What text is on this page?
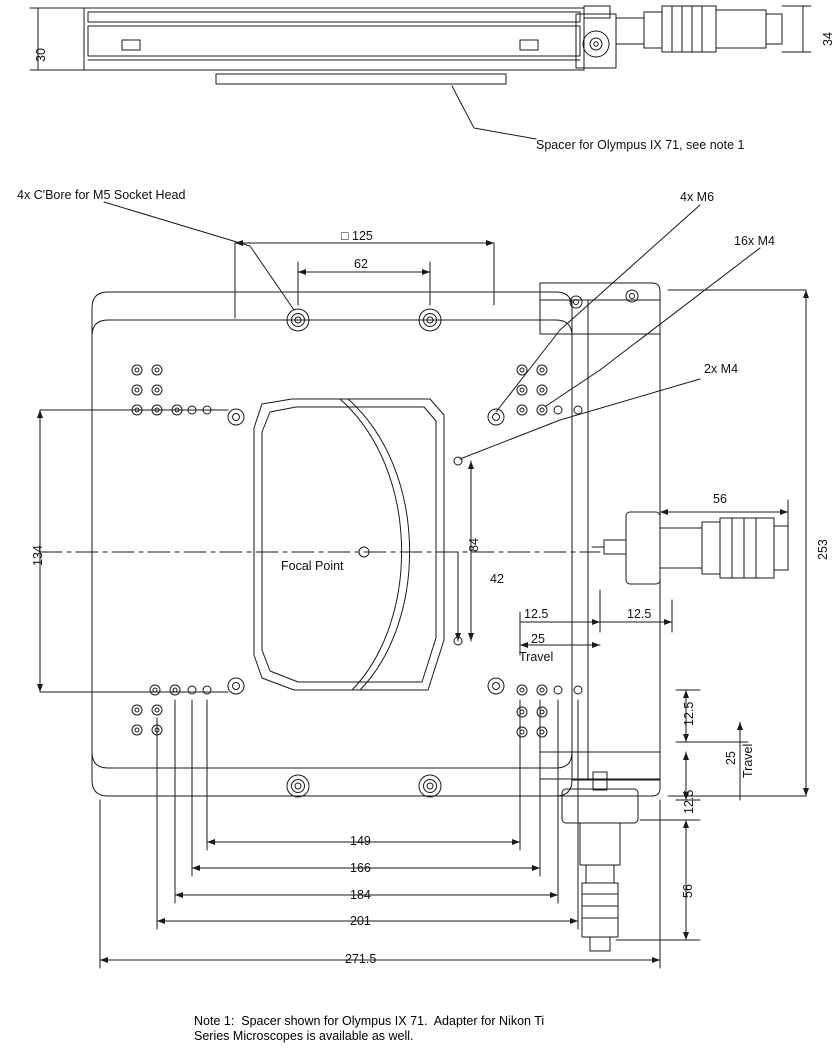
30
34
Spacer for Olympus IX 71, see note 1
4x C'Bore for M5 Socket Head	4x M6
16x M4
2x M4
□ 125
62
134
84
42
253
Focal Point
56
12.5	12.5
25
Travel
12.5
12.5
25 Travel
56
149
166
184
201
271.5
Note 1:  Spacer shown for Olympus IX 71.  Adapter for Nikon Ti
Series Microscopes is available as well.
